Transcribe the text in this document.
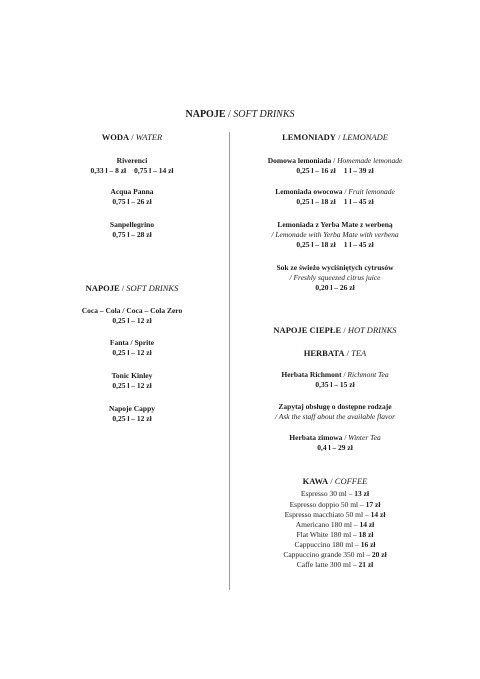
NAPOJE / SOFT DRINKS
WODA / WATER
Riverenci
0,33 l – 8 zł 0,75 l – 14 zł
Acqua Panna
0,75 l – 26 zł
Sanpellegrino
0,75 l – 28 zł
NAPOJE / SOFT DRINKS
Coca – Cola / Coca – Cola Zero
0,25 l – 12 zł
Fanta / Sprite
0,25 l – 12 zł
Tonic Kinley
0,25 l – 12 zł
Napoje Cappy
0,25 l – 12 zł
LEMONIADY / LEMONADE
Domowa lemoniada / Homemade lemonade
0,25 l – 16 zł 1 l – 39 zł
Lemoniada owocowa / Fruit lemonade
0,25 l – 18 zł 1 l – 45 zł
Lemoniada z Yerba Mate z werbeną
/ Lemonade with Yerba Mate with verbena
0,25 l – 18 zł 1 l – 45 zł
Sok ze świeżo wyciśniętych cytrusów
/ Freshly squeezed citrus juice
0,20 l – 26 zł
NAPOJE CIEPŁE / HOT DRINKS
HERBATA / TEA
Herbata Richmont / Richmont Tea
0,35 l – 15 zł
Zapytaj obsługę o dostępne rodzaje
/ Ask the staff about the available flavor
Herbata zimowa / Winter Tea
0,4 l – 29 zł
KAWA / COFFEE
Espresso 30 ml – 13 zł
Espresso doppio 50 ml – 17 zł
Espresso macchiato 50 ml – 14 zł
Americano 180 ml – 14 zł
Flat White 180 ml – 18 zł
Cappuccino 180 ml – 16 zł
Cappuccino grande 350 ml – 20 zł
Caffe latte 300 ml – 21 zł
